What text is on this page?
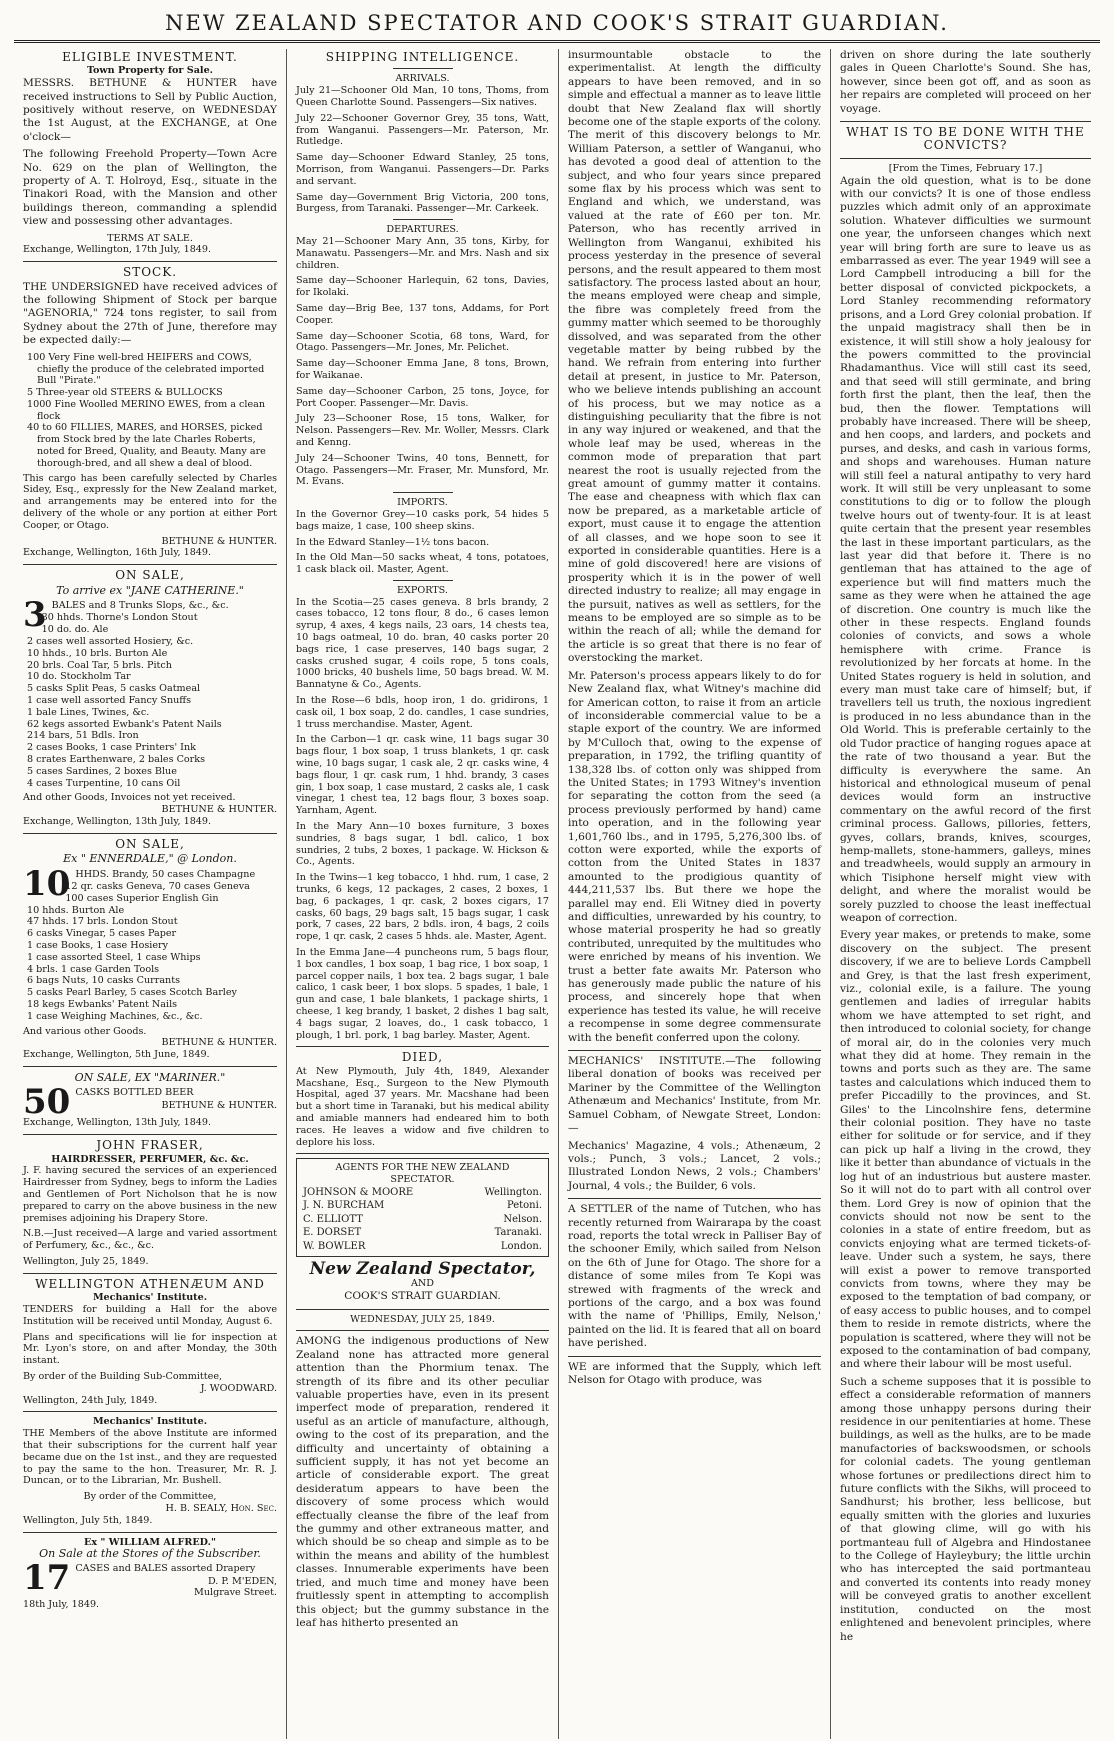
NEW ZEALAND SPECTATOR AND COOK'S STRAIT GUARDIAN.
ELIGIBLE INVESTMENT.
Town Property for Sale.

MESSRS. BETHUNE & HUNTER have received instructions to Sell by Public Auction, positively without reserve, on WEDNESDAY the 1st August, at the EXCHANGE, at One o'clock—

The following Freehold Property—Town Acre No. 629 on the plan of Wellington, the property of A. T. Holroyd, Esq., situate in the Tinakori Road, with the Mansion and other buildings thereon, commanding a splendid view and possessing other advantages.

TERMS AT SALE.
Exchange, Wellington, 17th July, 1849.
STOCK.

THE UNDERSIGNED have received advices of the following Shipment of Stock per barque "AGENORIA," 724 tons register, to sail from Sydney about the 27th of June, therefore may be expected daily:—

100 Very Fine well-bred HEIFERS and COWS, chiefly the produce of the celebrated imported Bull "Pirate."
5 Three-year old STEERS & BULLOCKS
1000 Fine Woolled MERINO EWES, from a clean flock
40 to 60 FILLIES, MARES, and HORSES, picked from Stock bred by the late Charles Roberts, noted for Breed, Quality, and Beauty. Many are thorough-bred, and all shew a deal of blood.

This cargo has been carefully selected by Charles Sidey, Esq., expressly for the New Zealand market, and arrangements may be entered into for the delivery of the whole or any portion at either Port Cooper, or Otago.

BETHUNE & HUNTER.
Exchange, Wellington, 16th July, 1849.
ON SALE,
To arrive ex "JANE CATHERINE."
3 BALES and 8 Trunks Slops, &c., &c.
30 hhds. Thorne's London Stout
10 do. do. Ale
2 cases well assorted Hosiery, &c.
10 hhds., 10 brls. Burton Ale
20 brls. Coal Tar, 5 brls. Pitch
10 do. Stockholm Tar
5 casks Split Peas, 5 casks Oatmeal
1 case well assorted Fancy Snuffs
1 bale Lines, Twines, &c.
62 kegs assorted Ewbank's Patent Nails
214 bars, 51 Bdls. Iron
2 cases Books, 1 case Printers' Ink
8 crates Earthenware, 2 bales Corks
5 cases Sardines, 2 boxes Blue
4 cases Turpentine, 10 cans Oil
And other Goods, Invoices not yet received.
BETHUNE & HUNTER.
Exchange, Wellington, 13th July, 1849.
ON SALE,
Ex " ENNERDALE," @ London.
10 HHDS. Brandy, 50 cases Champagne
12 qr. casks Geneva, 70 cases Geneva
100 cases Superior English Gin
10 hhds. Burton Ale
47 hhds. 17 brls. London Stout
6 casks Vinegar, 5 cases Paper
1 case Books, 1 case Hosiery
1 case assorted Steel, 1 case Whips
4 brls. 1 case Garden Tools
6 bags Nuts, 10 casks Currants
5 casks Pearl Barley, 5 cases Scotch Barley
18 kegs Ewbanks' Patent Nails
1 case Weighing Machines, &c., &c.
And various other Goods.
BETHUNE & HUNTER.
Exchange, Wellington, 5th June, 1849.
ON SALE, EX "MARINER."
50 CASKS BOTTLED BEER
BETHUNE & HUNTER.
Exchange, Wellington, 13th July, 1849.
JOHN FRASER,
HAIRDRESSER, PERFUMER, &c. &c.

J. F. having secured the services of an experienced Hairdresser from Sydney, begs to inform the Ladies and Gentlemen of Port Nicholson that he is now prepared to carry on the above business in the new premises adjoining his Drapery Store.

N.B.—Just received—A large and varied assortment of Perfumery, &c., &c., &c.

Wellington, July 25, 1849.
WELLINGTON ATHENÆUM AND
Mechanics' Institute.

TENDERS for building a Hall for the above Institution will be received until Monday, August 6.

Plans and specifications will lie for inspection at Mr. Lyon's store, on and after Monday, the 30th instant.

By order of the Building Sub-Committee,
J. WOODWARD.
Wellington, 24th July, 1849.
Mechanics' Institute.

THE Members of the above Institute are informed that their subscriptions for the current half year became due on the 1st inst., and they are requested to pay the same to the hon. Treasurer, Mr. R. J. Duncan, or to the Librarian, Mr. Bushell.

By order of the Committee,
H. B. SEALY, Hon. Sec.
Wellington, July 5th, 1849.
Ex " WILLIAM ALFRED."
On Sale at the Stores of the Subscriber.
17 CASES and BALES assorted Drapery
D. P. M'EDEN,
Mulgrave Street.
18th July, 1849.
SHIPPING INTELLIGENCE.
ARRIVALS.

July 21—Schooner Old Man, 10 tons, Thoms, from Queen Charlotte Sound. Passengers—Six natives.

July 22—Schooner Governor Grey, 35 tons, Watt, from Wanganui. Passengers—Mr. Paterson, Mr. Rutledge.

Same day—Schooner Edward Stanley, 25 tons, Morrison, from Wanganui. Passengers—Dr. Parks and servant.

Same day—Government Brig Victoria, 200 tons, Burgess, from Taranaki. Passenger—Mr. Carkeek.

DEPARTURES.

May 21—Schooner Mary Ann, 35 tons, Kirby, for Manawatu. Passengers—Mr. and Mrs. Nash and six children.

Same day—Schooner Harlequin, 62 tons, Davies, for Ikolaki.

Same day—Brig Bee, 137 tons, Addams, for Port Cooper.

Same day—Schooner Scotia, 68 tons, Ward, for Otago. Passengers—Mr. Jones, Mr. Pelichet.

Same day—Schooner Emma Jane, 8 tons, Brown, for Waikanae.

Same day—Schooner Carbon, 25 tons, Joyce, for Port Cooper. Passenger—Mr. Davis.

July 23—Schooner Rose, 15 tons, Walker, for Nelson. Passengers—Rev. Mr. Woller, Messrs. Clark and Kenng.

July 24—Schooner Twins, 40 tons, Bennett, for Otago. Passengers—Mr. Fraser, Mr. Munsford, Mr. M. Evans.

IMPORTS.

In the Governor Grey—10 casks pork, 54 hides 5 bags maize, 1 case, 100 sheep skins.

In the Edward Stanley—1½ tons bacon.

In the Old Man—50 sacks wheat, 4 tons, potatoes, 1 cask black oil. Master, Agent.

EXPORTS.

In the Scotia—25 cases geneva. 8 brls brandy, 2 cases tobacco, 12 tons flour, 8 do., 6 cases lemon syrup, 4 axes, 4 kegs nails, 23 oars, 14 chests tea, 10 bags oatmeal, 10 do. bran, 40 casks porter 20 bags rice, 1 case preserves, 140 bags sugar, 2 casks crushed sugar, 4 coils rope, 5 tons coals, 1000 bricks, 40 bushels lime, 50 bags bread. W. M. Bannatyne & Co., Agents.

In the Rose—6 bdls, hoop iron, 1 do. gridirons, 1 cask oil, 1 box soap, 2 do. candles, 1 case sundries, 1 truss merchandise. Master, Agent.

In the Carbon—1 qr. cask wine, 11 bags sugar 30 bags flour, 1 box soap, 1 truss blankets, 1 qr. cask wine, 10 bags sugar, 1 cask ale, 2 qr. casks wine, 4 bags flour, 1 qr. cask rum, 1 hhd. brandy, 3 cases gin, 1 box soap, 1 case mustard, 2 casks ale, 1 cask vinegar, 1 chest tea, 12 bags flour, 3 boxes soap. Yarnham, Agent.

In the Mary Ann—10 boxes furniture, 3 boxes sundries, 8 bags sugar, 1 bdl. calico, 1 box sundries, 2 tubs, 2 boxes, 1 package. W. Hickson & Co., Agents.

In the Twins—1 keg tobacco, 1 hhd. rum, 1 case, 2 trunks, 6 kegs, 12 packages, 2 cases, 2 boxes, 1 bag, 6 packages, 1 qr. cask, 2 boxes cigars, 17 casks, 60 bags, 29 bags salt, 15 bags sugar, 1 cask pork, 7 cases, 22 bars, 2 bdls. iron, 4 bags, 2 coils rope, 1 qr. cask, 2 cases 5 hhds. ale. Master, Agent.

In the Emma Jane—4 puncheons rum, 5 bags flour, 1 box candles, 1 box soap, 1 bag rice, 1 box soap, 1 parcel copper nails, 1 box tea. 2 bags sugar, 1 bale calico, 1 cask beer, 1 box slops. 5 spades, 1 bale, 1 gun and case, 1 bale blankets, 1 package shirts, 1 cheese, 1 keg brandy, 1 basket, 2 dishes 1 bag salt, 4 bags sugar, 2 loaves, do., 1 cask tobacco, 1 plough, 1 brl. pork, 1 bag barley. Master, Agent.

DIED,

At New Plymouth, July 4th, 1849, Alexander Macshane, Esq., Surgeon to the New Plymouth Hospital, aged 37 years. Mr. Macshane had been but a short time in Taranaki, but his medical ability and amiable manners had endeared him to both races. He leaves a widow and five children to deplore his loss.

AGENTS FOR THE NEW ZEALAND SPECTATOR.
JOHNSON & MOORE	Wellington.
J. N. BURCHAM	Petoni.
C. ELLIOTT	Nelson.
E. DORSET	Taranaki.
W. BOWLER	London.
New Zealand Spectator,
AND
COOK'S STRAIT GUARDIAN.
WEDNESDAY, JULY 25, 1849.

AMONG the indigenous productions of New Zealand none has attracted more general attention than the Phormium tenax. The strength of its fibre and its other peculiar valuable properties have, even in its present imperfect mode of preparation, rendered it useful as an article of manufacture, although, owing to the cost of its preparation, and the difficulty and uncertainty of obtaining a sufficient supply, it has not yet become an article of considerable export. The great desideratum appears to have been the discovery of some process which would effectually cleanse the fibre of the leaf from the gummy and other extraneous matter, and which should be so cheap and simple as to be within the means and ability of the humblest classes. Innumerable experiments have been tried, and much time and money have been fruitlessly spent in attempting to accomplish this object; but the gummy substance in the leaf has hitherto presented an

insurmountable obstacle to the experimentalist. At length the difficulty appears to have been removed, and in so simple and effectual a manner as to leave little doubt that New Zealand flax will shortly become one of the staple exports of the colony. The merit of this discovery belongs to Mr. William Paterson, a settler of Wanganui, who has devoted a good deal of attention to the subject, and who four years since prepared some flax by his process which was sent to England and which, we understand, was valued at the rate of £60 per ton. Mr. Paterson, who has recently arrived in Wellington from Wanganui, exhibited his process yesterday in the presence of several persons, and the result appeared to them most satisfactory. The process lasted about an hour, the means employed were cheap and simple, the fibre was completely freed from the gummy matter which seemed to be thoroughly dissolved, and was separated from the other vegetable matter by being rubbed by the hand. We refrain from entering into further detail at present, in justice to Mr. Paterson, who we believe intends publishing an account of his process, but we may notice as a distinguishing peculiarity that the fibre is not in any way injured or weakened, and that the whole leaf may be used, whereas in the common mode of preparation that part nearest the root is usually rejected from the great amount of gummy matter it contains. The ease and cheapness with which flax can now be prepared, as a marketable article of export, must cause it to engage the attention of all classes, and we hope soon to see it exported in considerable quantities. Here is a mine of gold discovered! here are visions of prosperity which it is in the power of well directed industry to realize; all may engage in the pursuit, natives as well as settlers, for the means to be employed are so simple as to be within the reach of all; while the demand for the article is so great that there is no fear of overstocking the market.

Mr. Paterson's process appears likely to do for New Zealand flax, what Witney's machine did for American cotton, to raise it from an article of inconsiderable commercial value to be a staple export of the country. We are informed by M'Culloch that, owing to the expense of preparation, in 1792, the trifling quantity of 138,328 lbs. of cotton only was shipped from the United States; in 1793 Witney's invention for separating the cotton from the seed (a process previously performed by hand) came into operation, and in the following year 1,601,760 lbs., and in 1795, 5,276,300 lbs. of cotton were exported, while the exports of cotton from the United States in 1837 amounted to the prodigious quantity of 444,211,537 lbs. But there we hope the parallel may end. Eli Witney died in poverty and difficulties, unrewarded by his country, to whose material prosperity he had so greatly contributed, unrequited by the multitudes who were enriched by means of his invention. We trust a better fate awaits Mr. Paterson who has generously made public the nature of his process, and sincerely hope that when experience has tested its value, he will receive a recompense in some degree commensurate with the benefit conferred upon the colony.

MECHANICS' INSTITUTE.—The following liberal donation of books was received per Mariner by the Committee of the Wellington Athenæum and Mechanics' Institute, from Mr. Samuel Cobham, of Newgate Street, London:—

Mechanics' Magazine, 4 vols.; Athenæum, 2 vols.; Punch, 3 vols.; Lancet, 2 vols.; Illustrated London News, 2 vols.; Chambers' Journal, 4 vols.; the Builder, 6 vols.

A SETTLER of the name of Tutchen, who has recently returned from Wairarapa by the coast road, reports the total wreck in Palliser Bay of the schooner Emily, which sailed from Nelson on the 6th of June for Otago. The shore for a distance of some miles from Te Kopi was strewed with fragments of the wreck and portions of the cargo, and a box was found with the name of 'Phillips, Emily, Nelson,' painted on the lid. It is feared that all on board have perished.

WE are informed that the Supply, which left Nelson for Otago with produce, was

driven on shore during the late southerly gales in Queen Charlotte's Sound. She has, however, since been got off, and as soon as her repairs are completed will proceed on her voyage.

WHAT IS TO BE DONE WITH THE CONVICTS?
[From the Times, February 17.]

Again the old question, what is to be done with our convicts? It is one of those endless puzzles which admit only of an approximate solution. Whatever difficulties we surmount one year, the unforseen changes which next year will bring forth are sure to leave us as embarrassed as ever. The year 1949 will see a Lord Campbell introducing a bill for the better disposal of convicted pickpockets, a Lord Stanley recommending reformatory prisons, and a Lord Grey colonial probation. If the unpaid magistracy shall then be in existence, it will still show a holy jealousy for the powers committed to the provincial Rhadamanthus. Vice will still cast its seed, and that seed will still germinate, and bring forth first the plant, then the leaf, then the bud, then the flower. Temptations will probably have increased. There will be sheep, and hen coops, and larders, and pockets and purses, and desks, and cash in various forms, and shops and warehouses. Human nature will still feel a natural antipathy to very hard work. It will still be very unpleasant to some constitutions to dig or to follow the plough twelve hours out of twenty-four. It is at least quite certain that the present year resembles the last in these important particulars, as the last year did that before it. There is no gentleman that has attained to the age of experience but will find matters much the same as they were when he attained the age of discretion. One country is much like the other in these respects. England founds colonies of convicts, and sows a whole hemisphere with crime. France is revolutionized by her forcats at home. In the United States roguery is held in solution, and every man must take care of himself; but, if travellers tell us truth, the noxious ingredient is produced in no less abundance than in the Old World. This is preferable certainly to the old Tudor practice of hanging rogues apace at the rate of two thousand a year. But the difficulty is everywhere the same. An historical and ethnological museum of penal devices would form an instructive commentary on the awful record of the first criminal process. Gallows, pillories, fetters, gyves, collars, brands, knives, scourges, hemp-mallets, stone-hammers, galleys, mines and treadwheels, would supply an armoury in which Tisiphone herself might view with delight, and where the moralist would be sorely puzzled to choose the least ineffectual weapon of correction.

Every year makes, or pretends to make, some discovery on the subject. The present discovery, if we are to believe Lords Campbell and Grey, is that the last fresh experiment, viz., colonial exile, is a failure. The young gentlemen and ladies of irregular habits whom we have attempted to set right, and then introduced to colonial society, for change of moral air, do in the colonies very much what they did at home. They remain in the towns and ports such as they are. The same tastes and calculations which induced them to prefer Piccadilly to the provinces, and St. Giles' to the Lincolnshire fens, determine their colonial position. They have no taste either for solitude or for service, and if they can pick up half a living in the crowd, they like it better than abundance of victuals in the log hut of an industrious but austere master. So it will not do to part with all control over them. Lord Grey is now of opinion that the convicts should not now be sent to the colonies in a state of entire freedom, but as convicts enjoying what are termed tickets-of-leave. Under such a system, he says, there will exist a power to remove transported convicts from towns, where they may be exposed to the temptation of bad company, or of easy access to public houses, and to compel them to reside in remote districts, where the population is scattered, where they will not be exposed to the contamination of bad company, and where their labour will be most useful.

Such a scheme supposes that it is possible to effect a considerable reformation of manners among those unhappy persons during their residence in our penitentiaries at home. These buildings, as well as the hulks, are to be made manufactories of backswoodsmen, or schools for colonial cadets. The young gentleman whose fortunes or predilections direct him to future conflicts with the Sikhs, will proceed to Sandhurst; his brother, less bellicose, but equally smitten with the glories and luxuries of that glowing clime, will go with his portmanteau full of Algebra and Hindostanee to the College of Hayleybury; the little urchin who has intercepted the said portmanteau and converted its contents into ready money will be conveyed gratis to another excellent institution, conducted on the most enlightened and benevolent principles, where he
